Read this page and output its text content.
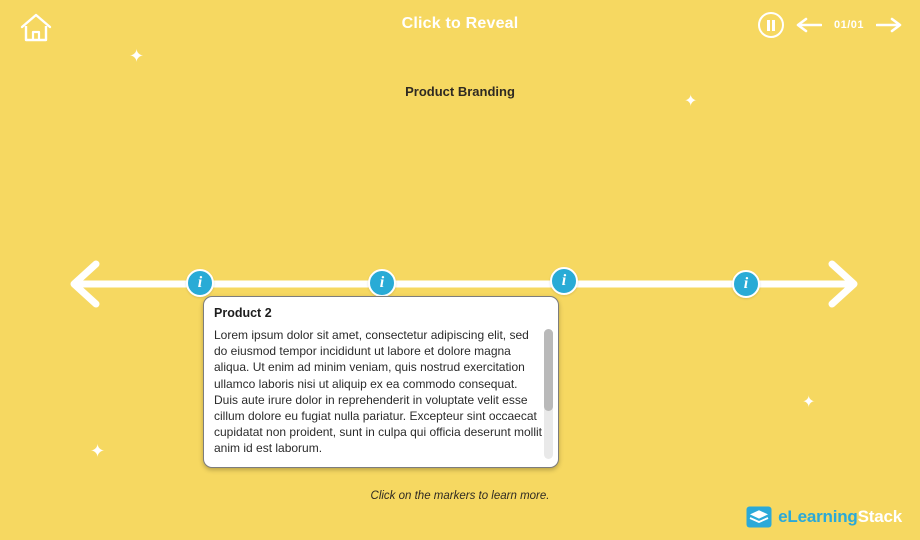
Click to Reveal	01/01
✦
✦
✦
✦
Product Branding
i	i	i	i
Product 2
Lorem ipsum dolor sit amet, consectetur adipiscing elit, sed do eiusmod tempor incididunt ut labore et dolore magna aliqua. Ut enim ad minim veniam, quis nostrud exercitation ullamco laboris nisi ut aliquip ex ea commodo consequat. Duis aute irure dolor in reprehenderit in voluptate velit esse cillum dolore eu fugiat nulla pariatur. Excepteur sint occaecat cupidatat non proident, sunt in culpa qui officia deserunt mollit anim id est laborum.
Click on the markers to learn more.
eLearningStack
